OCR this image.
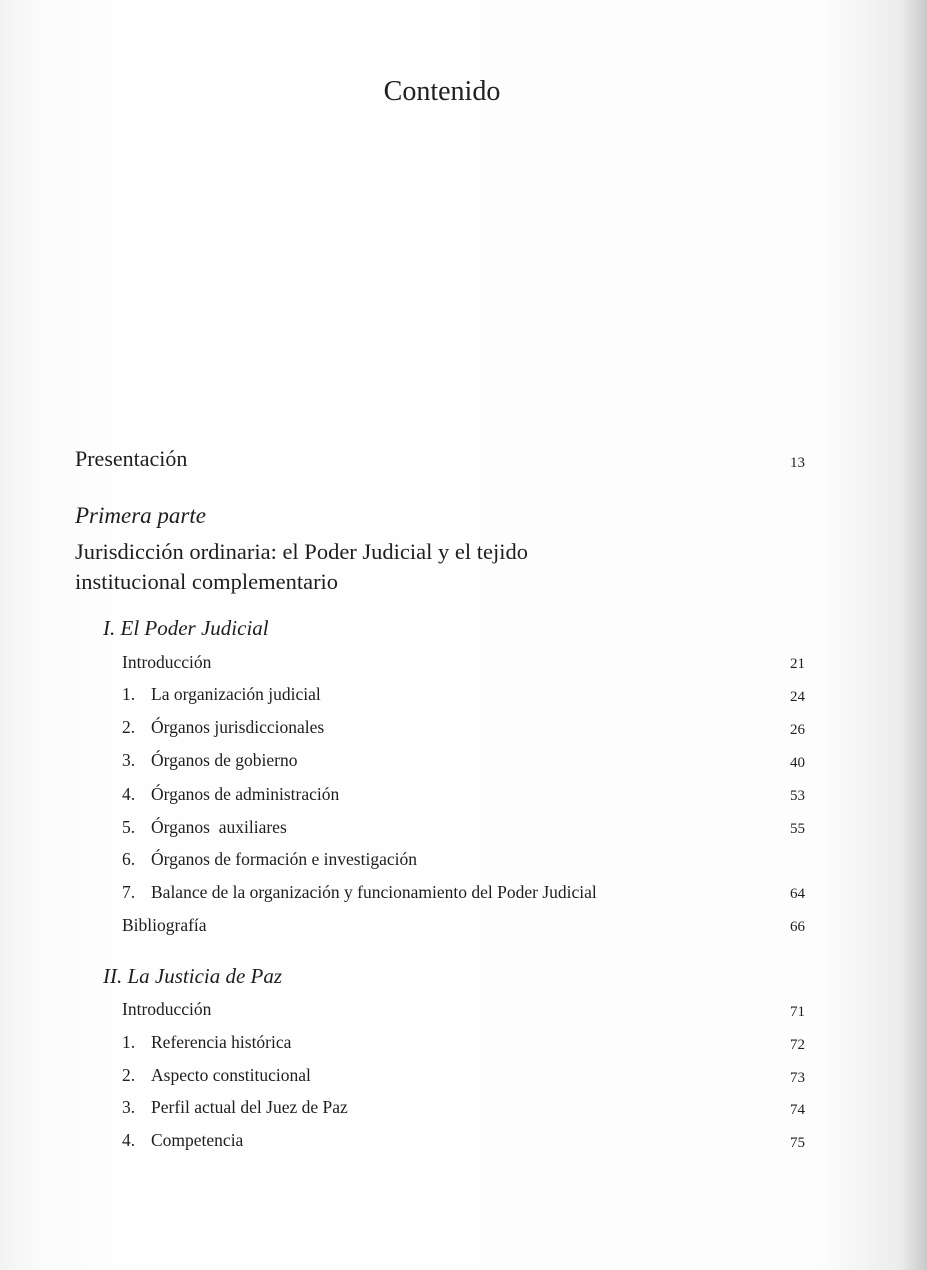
Contenido
Presentación	13
Primera parte
Jurisdicción ordinaria: el Poder Judicial y el tejido institucional complementario
I. El Poder Judicial
Introducción	21
1. La organización judicial	24
2. Órganos jurisdiccionales	26
3. Órganos de gobierno	40
4. Órganos de administración	53
5. Órganos  auxiliares	55
6. Órganos de formación e investigación
7. Balance de la organización y funcionamiento del Poder Judicial	64
Bibliografía	66
II. La Justicia de Paz
Introducción	71
1. Referencia histórica	72
2. Aspecto constitucional	73
3. Perfil actual del Juez de Paz	74
4. Competencia	75
